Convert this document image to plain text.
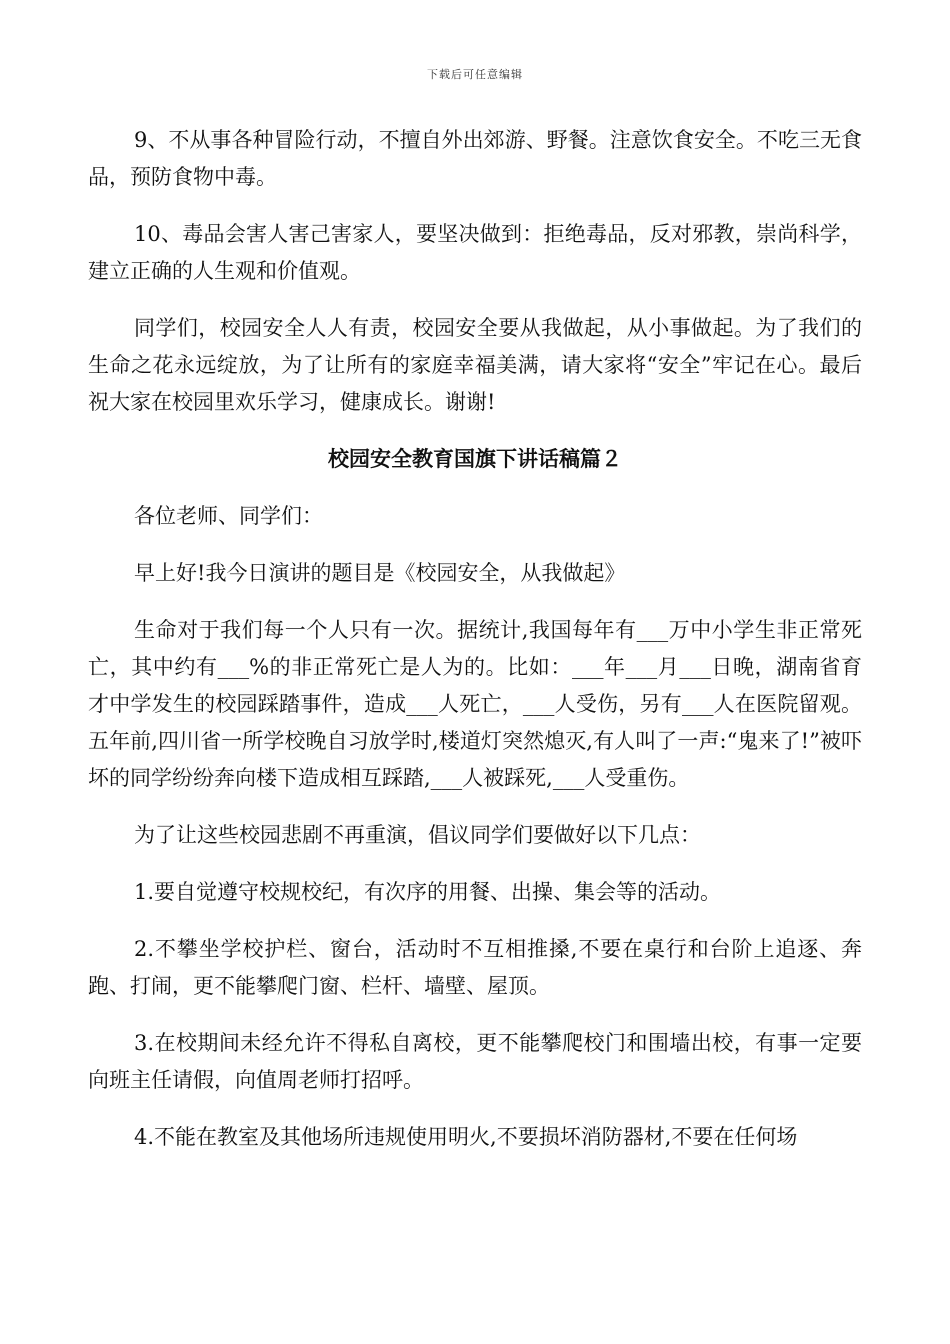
下载后可任意编辑

9、不从事各种冒险行动，不擅自外出郊游、野餐。注意饮食安全。不吃三无食品，预防食物中毒。

10、毒品会害人害己害家人，要坚决做到：拒绝毒品，反对邪教，崇尚科学，建立正确的人生观和价值观。

同学们，校园安全人人有责，校园安全要从我做起，从小事做起。为了我们的生命之花永远绽放，为了让所有的家庭幸福美满，请大家将“安全”牢记在心。最后祝大家在校园里欢乐学习，健康成长。谢谢!

校园安全教育国旗下讲话稿篇２

各位老师、同学们：

早上好!我今日演讲的题目是《校园安全，从我做起》

生命对于我们每一个人只有一次。据统计,我国每年有___万中小学生非正常死亡，其中约有___%的非正常死亡是人为的。比如：___年___月___日晚，湖南省育才中学发生的校园踩踏事件，造成___人死亡，___人受伤，另有___人在医院留观。五年前,四川省一所学校晚自习放学时,楼道灯突然熄灭,有人叫了一声:“鬼来了!”被吓坏的同学纷纷奔向楼下造成相互踩踏,___人被踩死,___人受重伤。

为了让这些校园悲剧不再重演，倡议同学们要做好以下几点：

1.要自觉遵守校规校纪，有次序的用餐、出操、集会等的活动。

2.不攀坐学校护栏、窗台，活动时不互相推搡,不要在桌行和台阶上追逐、奔跑、打闹，更不能攀爬门窗、栏杆、墙壁、屋顶。

3.在校期间未经允许不得私自离校，更不能攀爬校门和围墙出校，有事一定要向班主任请假，向值周老师打招呼。

4.不能在教室及其他场所违规使用明火,不要损坏消防器材,不要在任何场
